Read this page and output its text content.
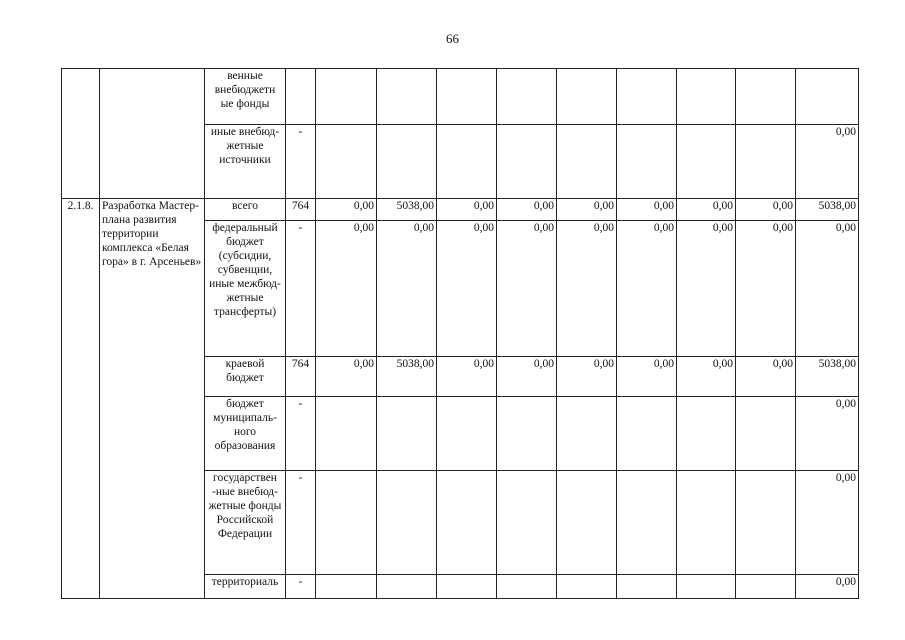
66
		венные внебюджетн ые фонды										
		иные внебюд- жетные источники	-									0,00
2.1.8.	Разработка Мастер-плана развития территории комплекса «Белая гора» в г. Арсеньев»	всего	764	0,00	5038,00	0,00	0,00	0,00	0,00	0,00	0,00	5038,00
		федеральный бюджет (субсидии, субвенции, иные межбюд- жетные трансферты)	-	0,00	0,00	0,00	0,00	0,00	0,00	0,00	0,00	0,00
		краевой бюджет	764	0,00	5038,00	0,00	0,00	0,00	0,00	0,00	0,00	5038,00
		бюджет муниципаль- ного образования	-									0,00
		государствен -ные внебюд- жетные фонды Российской Федерации	-									0,00
		территориаль	-									0,00
